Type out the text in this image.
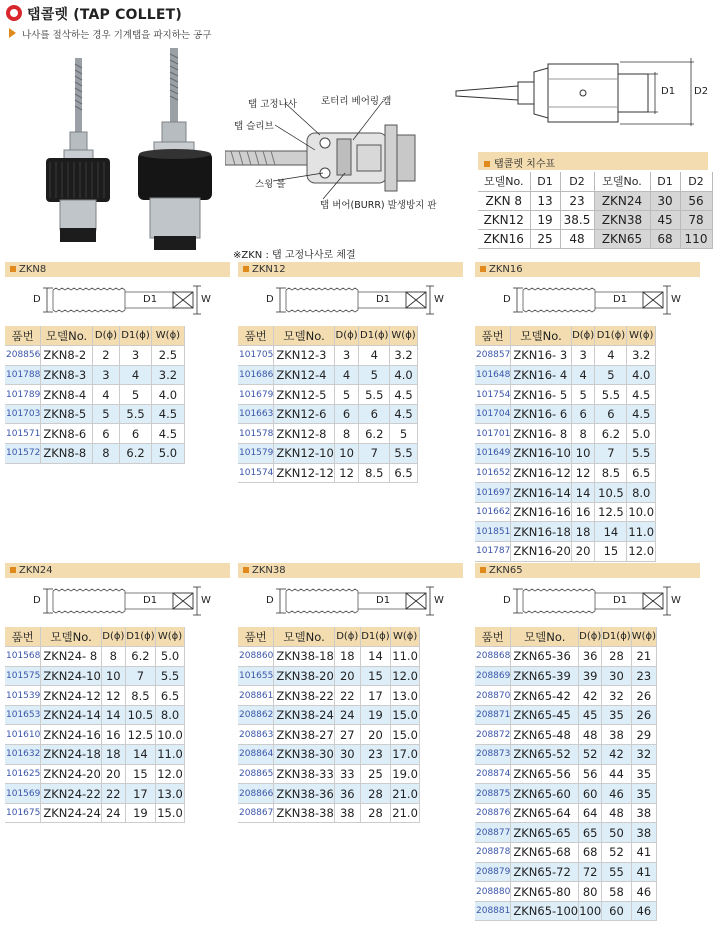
탭콜렛 (TAP COLLET)
나사를 절삭하는 경우 기계탭을 파지하는 공구
탭 고정나사	로터리 베어링 캠
탭 슬리브
스윙 볼
탭 버어(BURR) 발생방지 판
D1 D2
탭콜렛 치수표
모델No.	D1	D2	모델No.	D1	D2
ZKN 8	13	23	ZKN24	30	56
ZKN12	19	38.5	ZKN38	45	78
ZKN16	25	48	ZKN65	68	110
※ZKN : 탭 고정나사로 체결
ZKN8
D	D1	W
품번	모델No.	D(ϕ)	D1(ϕ)	W(ϕ)
208856	ZKN8-2	2	3	2.5
101788	ZKN8-3	3	4	3.2
101789	ZKN8-4	4	5	4.0
101703	ZKN8-5	5	5.5	4.5
101571	ZKN8-6	6	6	4.5
101572	ZKN8-8	8	6.2	5.0
ZKN12
D	D1	W
품번	모델No.	D(ϕ)	D1(ϕ)	W(ϕ)
101705	ZKN12-3	3	4	3.2
101686	ZKN12-4	4	5	4.0
101679	ZKN12-5	5	5.5	4.5
101663	ZKN12-6	6	6	4.5
101578	ZKN12-8	8	6.2	5
101579	ZKN12-10	10	7	5.5
101574	ZKN12-12	12	8.5	6.5
ZKN16
D	D1	W
품번	모델No.	D(ϕ)	D1(ϕ)	W(ϕ)
208857	ZKN16- 3	3	4	3.2
101648	ZKN16- 4	4	5	4.0
101754	ZKN16- 5	5	5.5	4.5
101704	ZKN16- 6	6	6	4.5
101701	ZKN16- 8	8	6.2	5.0
101649	ZKN16-10	10	7	5.5
101652	ZKN16-12	12	8.5	6.5
101697	ZKN16-14	14	10.5	8.0
101662	ZKN16-16	16	12.5	10.0
101851	ZKN16-18	18	14	11.0
101787	ZKN16-20	20	15	12.0
ZKN24
D	D1	W
품번	모델No.	D(ϕ)	D1(ϕ)	W(ϕ)
101568	ZKN24- 8	8	6.2	5.0
101575	ZKN24-10	10	7	5.5
101539	ZKN24-12	12	8.5	6.5
101653	ZKN24-14	14	10.5	8.0
101610	ZKN24-16	16	12.5	10.0
101632	ZKN24-18	18	14	11.0
101625	ZKN24-20	20	15	12.0
101569	ZKN24-22	22	17	13.0
101675	ZKN24-24	24	19	15.0
ZKN38
D	D1	W
품번	모델No.	D(ϕ)	D1(ϕ)	W(ϕ)
208860	ZKN38-18	18	14	11.0
101655	ZKN38-20	20	15	12.0
208861	ZKN38-22	22	17	13.0
208862	ZKN38-24	24	19	15.0
208863	ZKN38-27	27	20	15.0
208864	ZKN38-30	30	23	17.0
208865	ZKN38-33	33	25	19.0
208866	ZKN38-36	36	28	21.0
208867	ZKN38-38	38	28	21.0
ZKN65
D	D1	W
품번	모델No.	D(ϕ)	D1(ϕ)	W(ϕ)
208868	ZKN65-36	36	28	21
208869	ZKN65-39	39	30	23
208870	ZKN65-42	42	32	26
208871	ZKN65-45	45	35	26
208872	ZKN65-48	48	38	29
208873	ZKN65-52	52	42	32
208874	ZKN65-56	56	44	35
208875	ZKN65-60	60	46	35
208876	ZKN65-64	64	48	38
208877	ZKN65-65	65	50	38
208878	ZKN65-68	68	52	41
208879	ZKN65-72	72	55	41
208880	ZKN65-80	80	58	46
208881	ZKN65-100	100	60	46
